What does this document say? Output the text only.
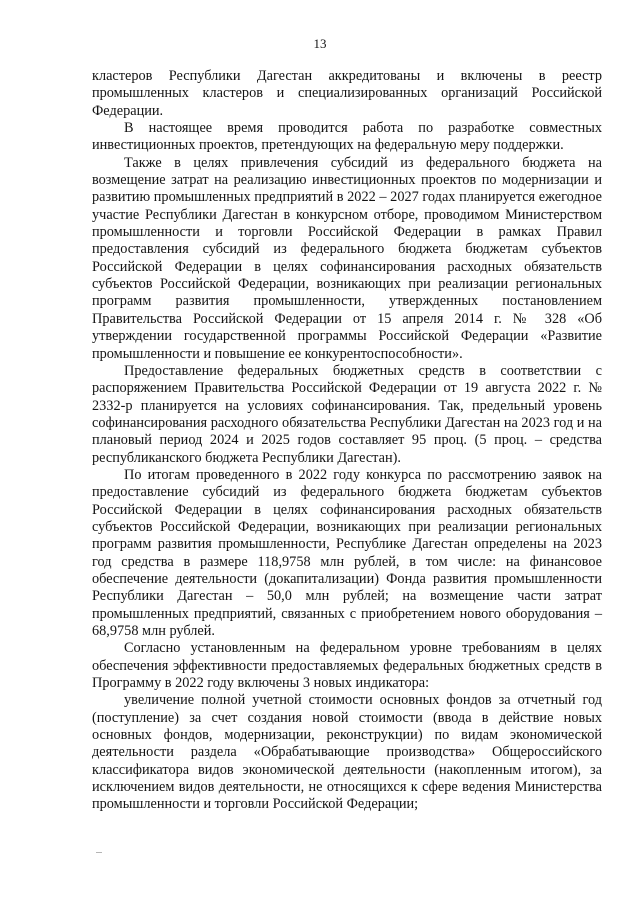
13

кластеров Республики Дагестан аккредитованы и включены в реестр промышленных кластеров и специализированных организаций Российской Федерации.

В настоящее время проводится работа по разработке совместных инвестиционных проектов, претендующих на федеральную меру поддержки.

Также в целях привлечения субсидий из федерального бюджета на возмещение затрат на реализацию инвестиционных проектов по модернизации и развитию промышленных предприятий в 2022 – 2027 годах планируется ежегодное участие Республики Дагестан в конкурсном отборе, проводимом Министерством промышленности и торговли Российской Федерации в рамках Правил предоставления субсидий из федерального бюджета бюджетам субъектов Российской Федерации в целях софинансирования расходных обязательств субъектов Российской Федерации, возникающих при реализации региональных программ развития промышленности, утвержденных постановлением Правительства Российской Федерации от 15 апреля 2014 г. № 328 «Об утверждении государственной программы Российской Федерации «Развитие промышленности и повышение ее конкурентоспособности».

Предоставление федеральных бюджетных средств в соответствии с распоряжением Правительства Российской Федерации от 19 августа 2022 г. № 2332-р планируется на условиях софинансирования. Так, предельный уровень софинансирования расходного обязательства Республики Дагестан на 2023 год и на плановый период 2024 и 2025 годов составляет 95 проц. (5 проц. – средства республиканского бюджета Республики Дагестан).

По итогам проведенного в 2022 году конкурса по рассмотрению заявок на предоставление субсидий из федерального бюджета бюджетам субъектов Российской Федерации в целях софинансирования расходных обязательств субъектов Российской Федерации, возникающих при реализации региональных программ развития промышленности, Республике Дагестан определены на 2023 год средства в размере 118,9758 млн рублей, в том числе: на финансовое обеспечение деятельности (докапитализации) Фонда развития промышленности Республики Дагестан – 50,0 млн рублей; на возмещение части затрат промышленных предприятий, связанных с приобретением нового оборудования – 68,9758 млн рублей.

Согласно установленным на федеральном уровне требованиям в целях обеспечения эффективности предоставляемых федеральных бюджетных средств в Программу в 2022 году включены 3 новых индикатора:

увеличение полной учетной стоимости основных фондов за отчетный год (поступление) за счет создания новой стоимости (ввода в действие новых основных фондов, модернизации, реконструкции) по видам экономической деятельности раздела «Обрабатывающие производства» Общероссийского классификатора видов экономической деятельности (накопленным итогом), за исключением видов деятельности, не относящихся к сфере ведения Министерства промышленности и торговли Российской Федерации;
